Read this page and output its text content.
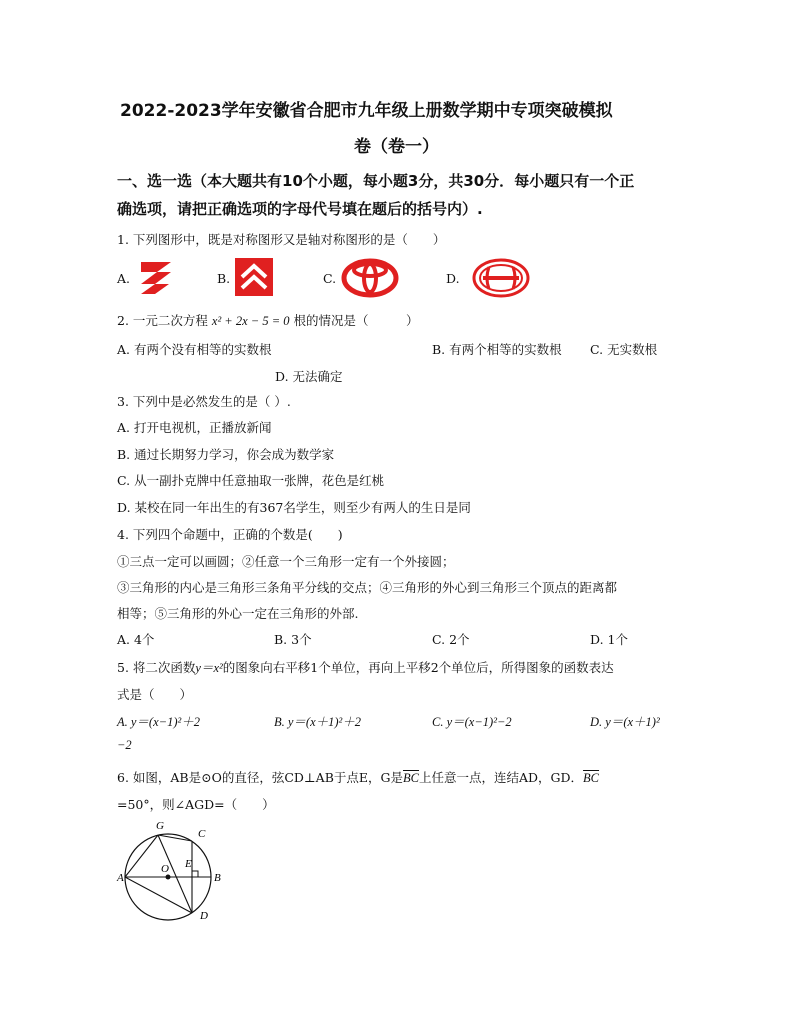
2022-2023学年安徽省合肥市九年级上册数学期中专项突破模拟
卷（卷一）
一、选一选（本大题共有10个小题，每小题3分，共30分．每小题只有一个正
确选项，请把正确选项的字母代号填在题后的括号内）.
1. 下列图形中，既是对称图形又是轴对称图形的是（　　）
A.	B.	C.	D.
2. 一元二次方程 x² + 2x − 5 = 0 根的情况是（　　　）
A. 有两个没有相等的实数根	B. 有两个相等的实数根 C. 无实数根
D. 无法确定
3. 下列中是必然发生的是（ ）.
A. 打开电视机，正播放新闻
B. 通过长期努力学习，你会成为数学家
C. 从一副扑克牌中任意抽取一张牌，花色是红桃
D. 某校在同一年出生的有367名学生，则至少有两人的生日是同
4. 下列四个命题中，正确的个数是(　　)
①三点一定可以画圆；②任意一个三角形一定有一个外接圆；
③三角形的内心是三角形三条角平分线的交点；④三角形的外心到三角形三个顶点的距离都
相等；⑤三角形的外心一定在三角形的外部.
A. 4个	B. 3个	C. 2个	D. 1个
5. 将二次函数y＝x²的图象向右平移1个单位，再向上平移2个单位后，所得图象的函数表达
式是（　　）
A. y＝(x−1)²＋2	B. y＝(x＋1)²＋2	C. y＝(x−1)²−2	D. y＝(x＋1)²
−2
6. 如图，AB是⊙O的直径，弦CD⊥AB于点E，G是$\overline{BC}$上任意一点，连结AD，GD．$\overline{BC}$
=50°，则∠AGD=（　　）
A	B
C
D
E
G
O
